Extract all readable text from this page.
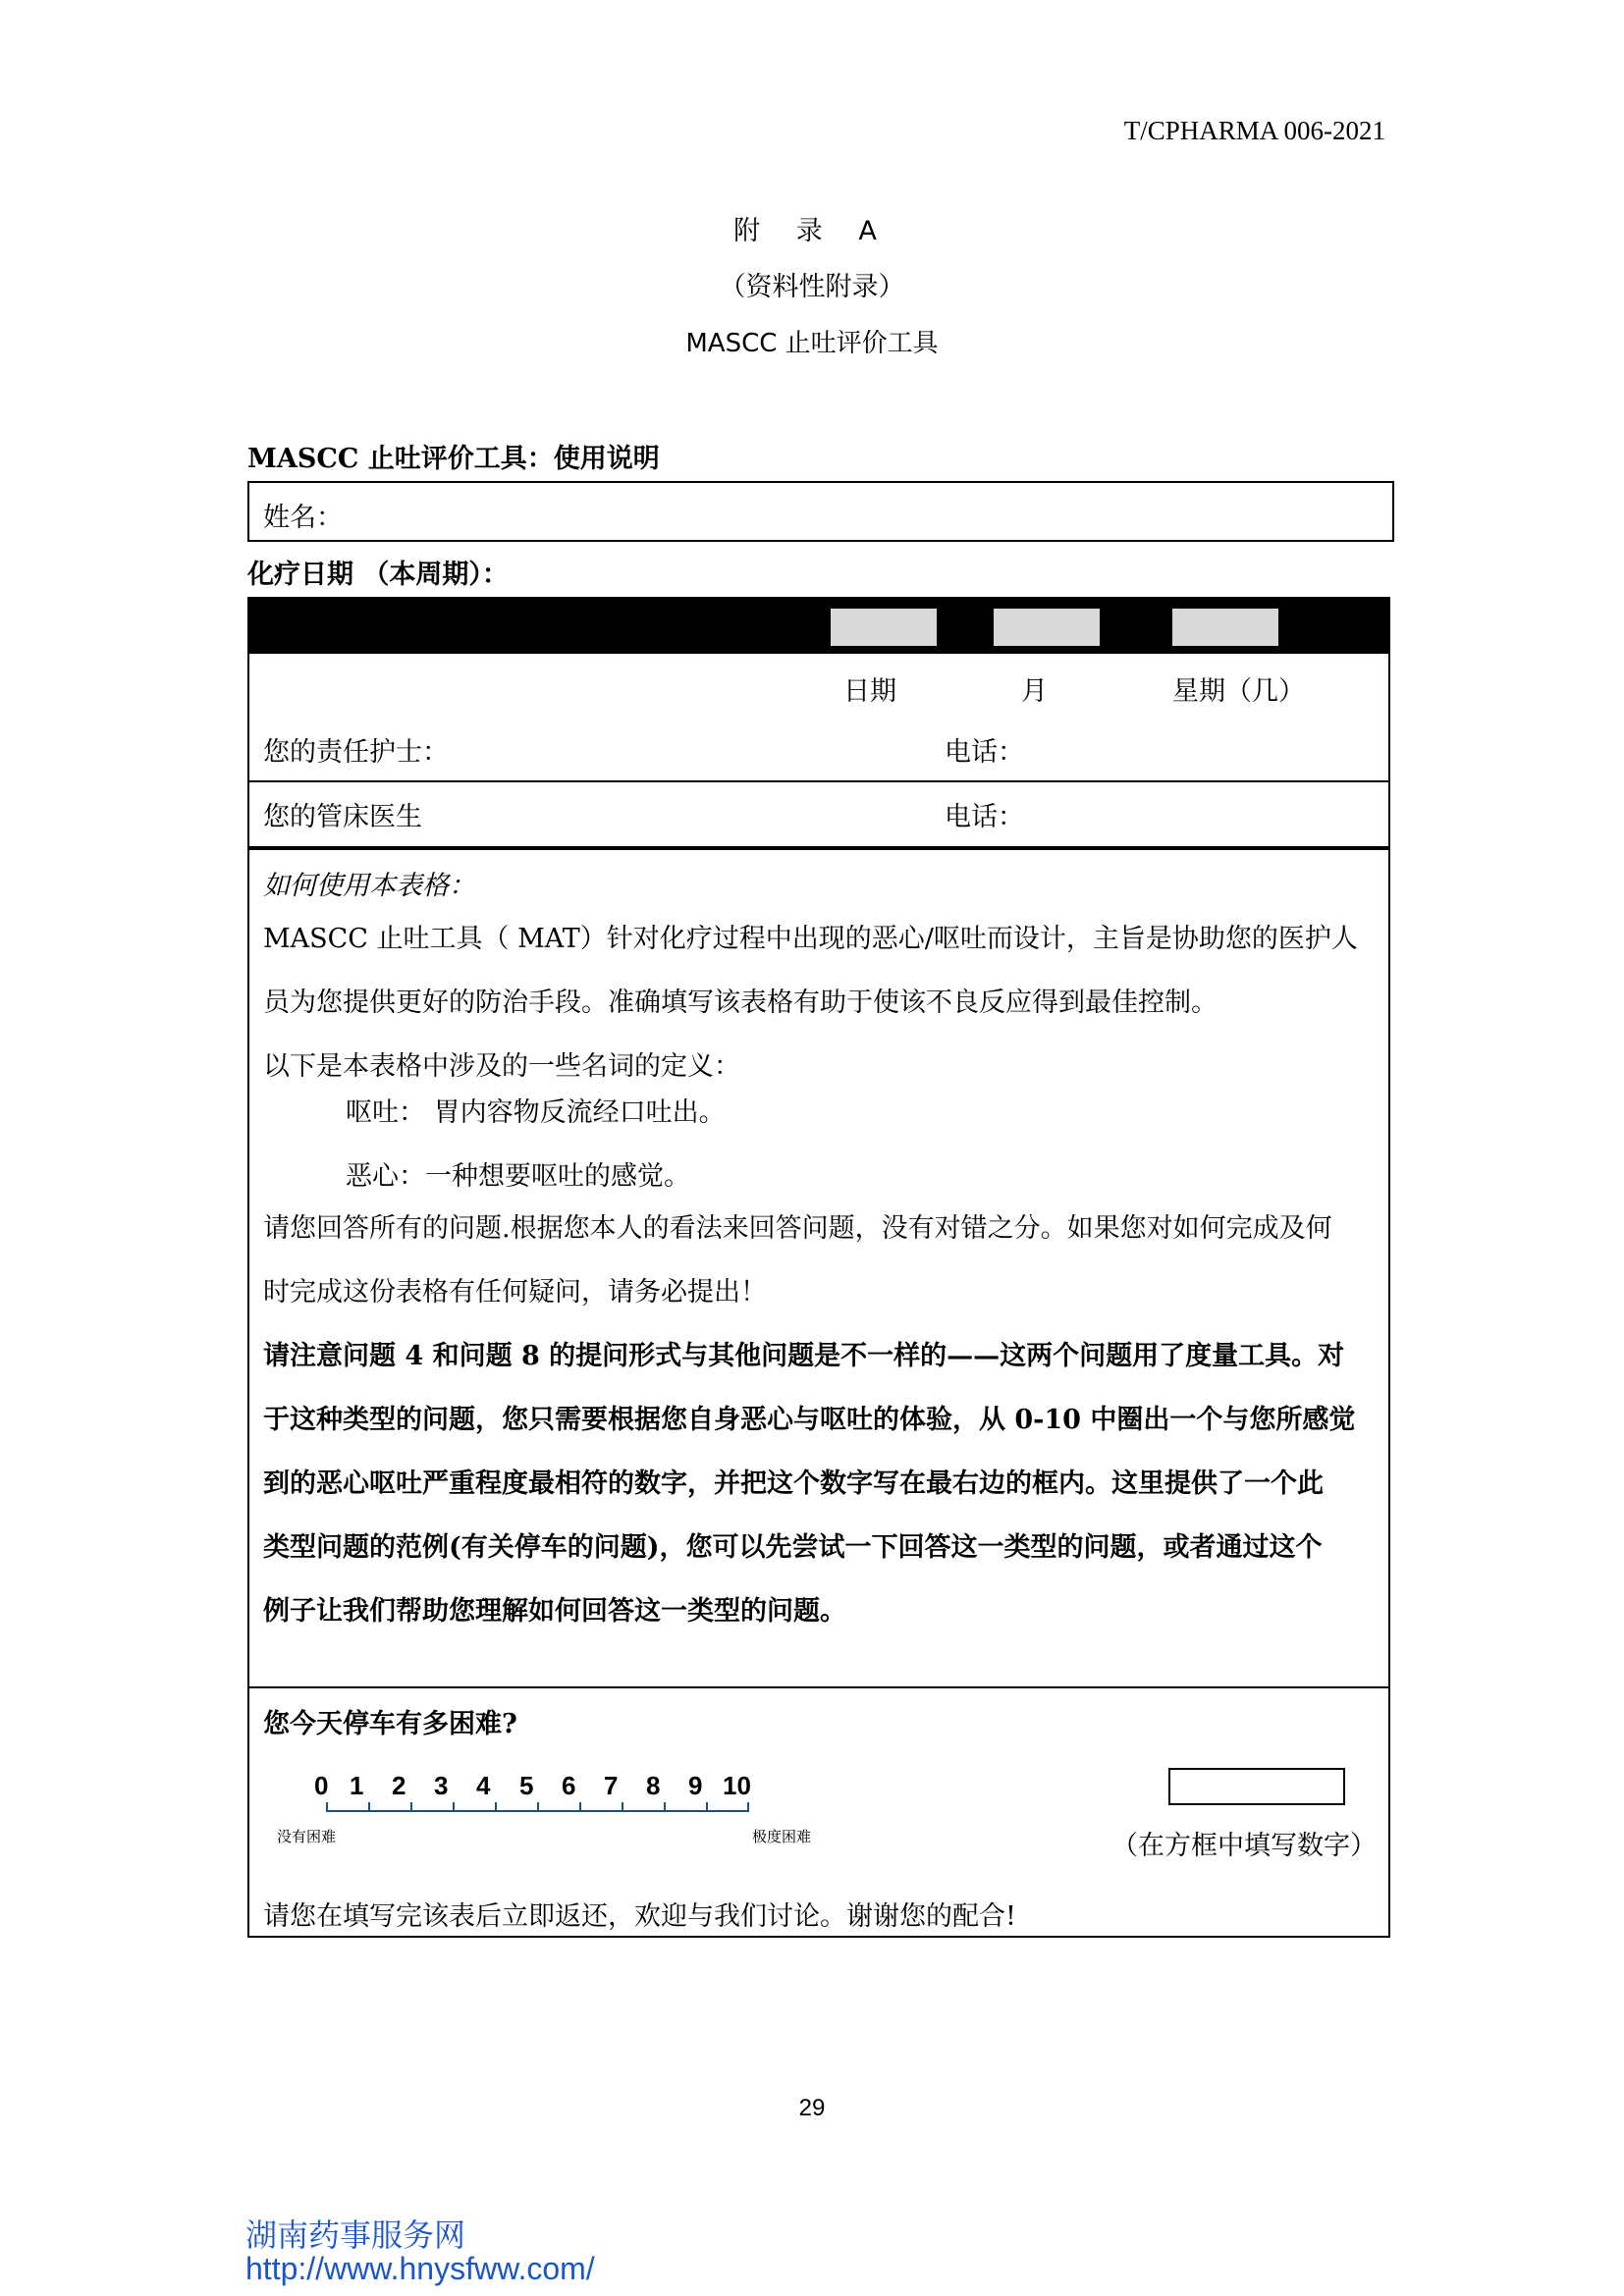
T/CPHARMA 006-2021
附 录 A
（资料性附录）
MASCC 止吐评价工具
MASCC 止吐评价工具：使用说明
姓名：
化疗日期 （本周期）：
日期	月	星期（几）
您的责任护士：	电话：
您的管床医生	电话：
如何使用本表格：
MASCC 止吐工具（ MAT）针对化疗过程中出现的恶心/呕吐而设计，主旨是协助您的医护人
员为您提供更好的防治手段。准确填写该表格有助于使该不良反应得到最佳控制。
以下是本表格中涉及的一些名词的定义：
呕吐： 胃内容物反流经口吐出。
恶心：一种想要呕吐的感觉。
请您回答所有的问题.根据您本人的看法来回答问题，没有对错之分。如果您对如何完成及何
时完成这份表格有任何疑问，请务必提出！
请注意问题 4 和问题 8 的提问形式与其他问题是不一样的——这两个问题用了度量工具。对
于这种类型的问题，您只需要根据您自身恶心与呕吐的体验，从 0-10 中圈出一个与您所感觉
到的恶心呕吐严重程度最相符的数字，并把这个数字写在最右边的框内。这里提供了一个此
类型问题的范例(有关停车的问题)，您可以先尝试一下回答这一类型的问题，或者通过这个
例子让我们帮助您理解如何回答这一类型的问题。
您今天停车有多困难?
0 1 2 3 4 5 6 7 8 9 10
没有困难	极度困难	（在方框中填写数字）
请您在填写完该表后立即返还，欢迎与我们讨论。谢谢您的配合!
29
湖南药事服务网
http://www.hnysfww.com/
